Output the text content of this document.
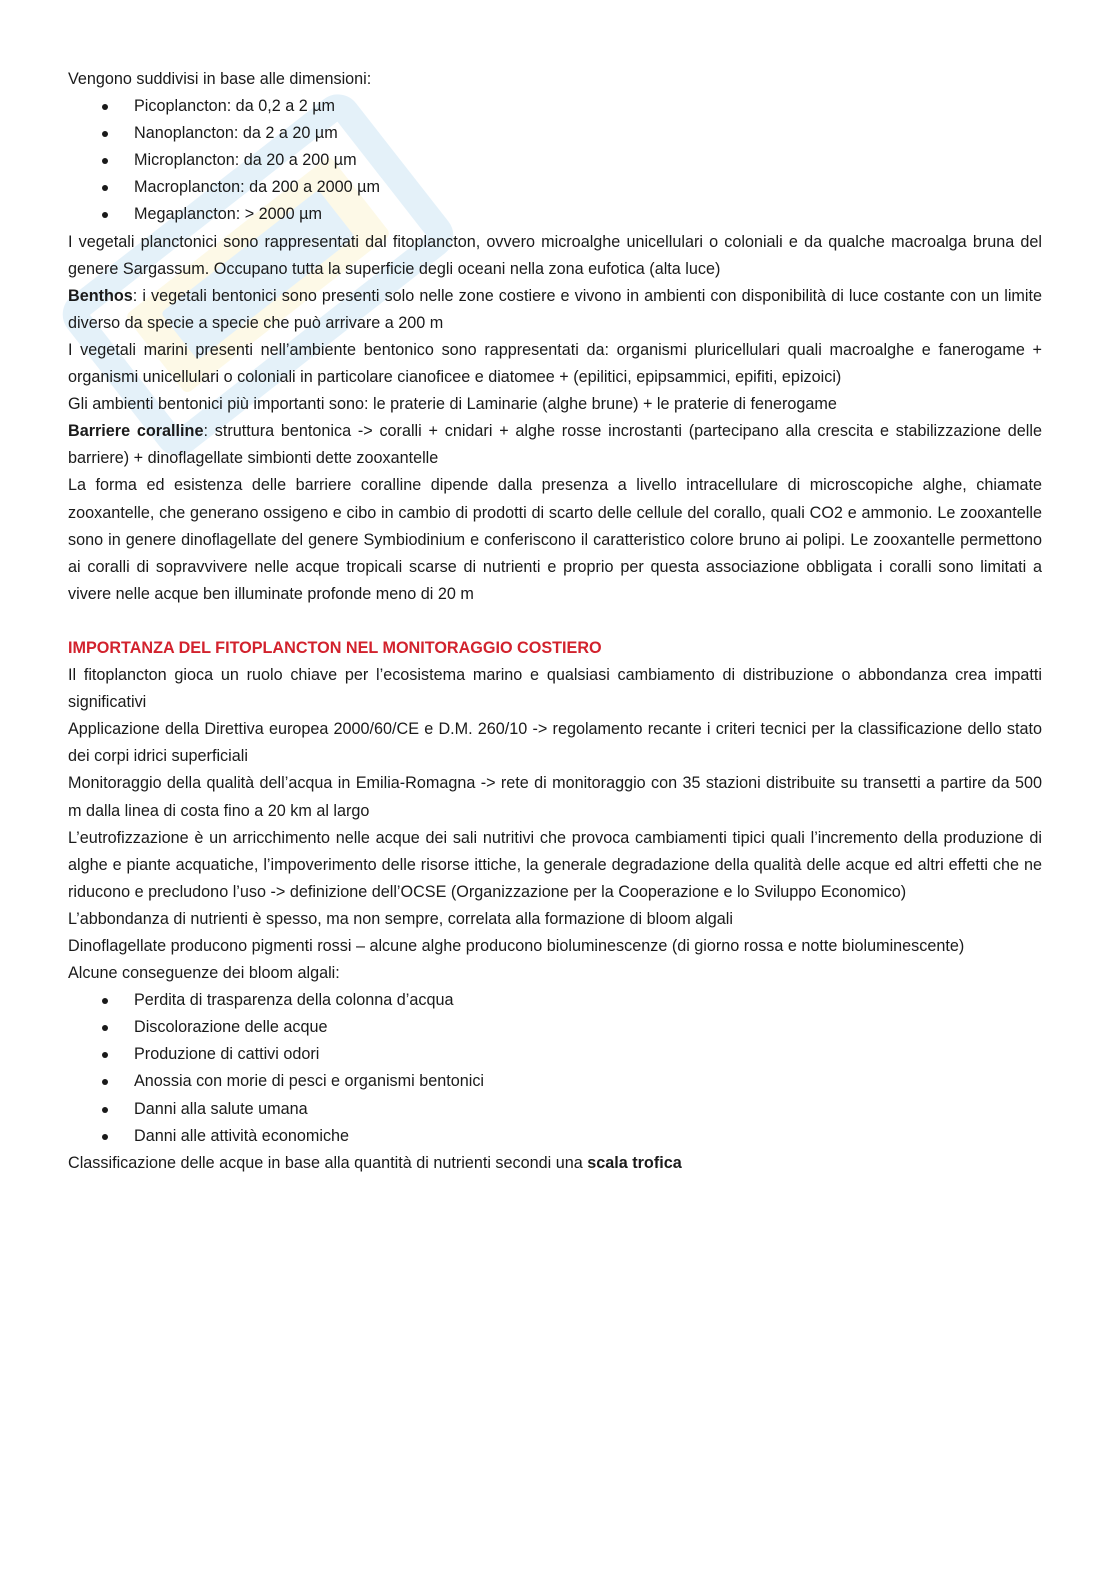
Vengono suddivisi in base alle dimensioni:

Picoplancton: da 0,2 a 2 µm
Nanoplancton: da 2 a 20 µm
Microplancton: da 20 a 200 µm
Macroplancton: da 200 a 2000 µm
Megaplancton: > 2000 µm

I vegetali planctonici sono rappresentati dal fitoplancton, ovvero microalghe unicellulari o coloniali e da qualche macroalga bruna del genere Sargassum. Occupano tutta la superficie degli oceani nella zona eufotica (alta luce)

Benthos: i vegetali bentonici sono presenti solo nelle zone costiere e vivono in ambienti con disponibilità di luce costante con un limite diverso da specie a specie che può arrivare a 200 m

I vegetali marini presenti nell’ambiente bentonico sono rappresentati da: organismi pluricellulari quali macroalghe e fanerogame + organismi unicellulari o coloniali in particolare cianoficee e diatomee + (epilitici, epipsammici, epifiti, epizoici)

Gli ambienti bentonici più importanti sono: le praterie di Laminarie (alghe brune) + le praterie di fenerogame

Barriere coralline: struttura bentonica -> coralli + cnidari + alghe rosse incrostanti (partecipano alla crescita e stabilizzazione delle barriere) + dinoflagellate simbionti dette zooxantelle

La forma ed esistenza delle barriere coralline dipende dalla presenza a livello intracellulare di microscopiche alghe, chiamate zooxantelle, che generano ossigeno e cibo in cambio di prodotti di scarto delle cellule del corallo, quali CO2 e ammonio. Le zooxantelle sono in genere dinoflagellate del genere Symbiodinium e conferiscono il caratteristico colore bruno ai polipi. Le zooxantelle permettono ai coralli di sopravvivere nelle acque tropicali scarse di nutrienti e proprio per questa associazione obbligata i coralli sono limitati a vivere nelle acque ben illuminate profonde meno di 20 m

IMPORTANZA DEL FITOPLANCTON NEL MONITORAGGIO COSTIERO

Il fitoplancton gioca un ruolo chiave per l’ecosistema marino e qualsiasi cambiamento di distribuzione o abbondanza crea impatti significativi

Applicazione della Direttiva europea 2000/60/CE e D.M. 260/10 -> regolamento recante i criteri tecnici per la classificazione dello stato dei corpi idrici superficiali

Monitoraggio della qualità dell’acqua in Emilia-Romagna -> rete di monitoraggio con 35 stazioni distribuite su transetti a partire da 500 m dalla linea di costa fino a 20 km al largo

L’eutrofizzazione è un arricchimento nelle acque dei sali nutritivi che provoca cambiamenti tipici quali l’incremento della produzione di alghe e piante acquatiche, l’impoverimento delle risorse ittiche, la generale degradazione della qualità delle acque ed altri effetti che ne riducono e precludono l’uso -> definizione dell’OCSE (Organizzazione per la Cooperazione e lo Sviluppo Economico)

L’abbondanza di nutrienti è spesso, ma non sempre, correlata alla formazione di bloom algali

Dinoflagellate producono pigmenti rossi – alcune alghe producono bioluminescenze (di giorno rossa e notte bioluminescente)

Alcune conseguenze dei bloom algali:

Perdita di trasparenza della colonna d’acqua
Discolorazione delle acque
Produzione di cattivi odori
Anossia con morie di pesci e organismi bentonici
Danni alla salute umana
Danni alle attività economiche

Classificazione delle acque in base alla quantità di nutrienti secondi una scala trofica
